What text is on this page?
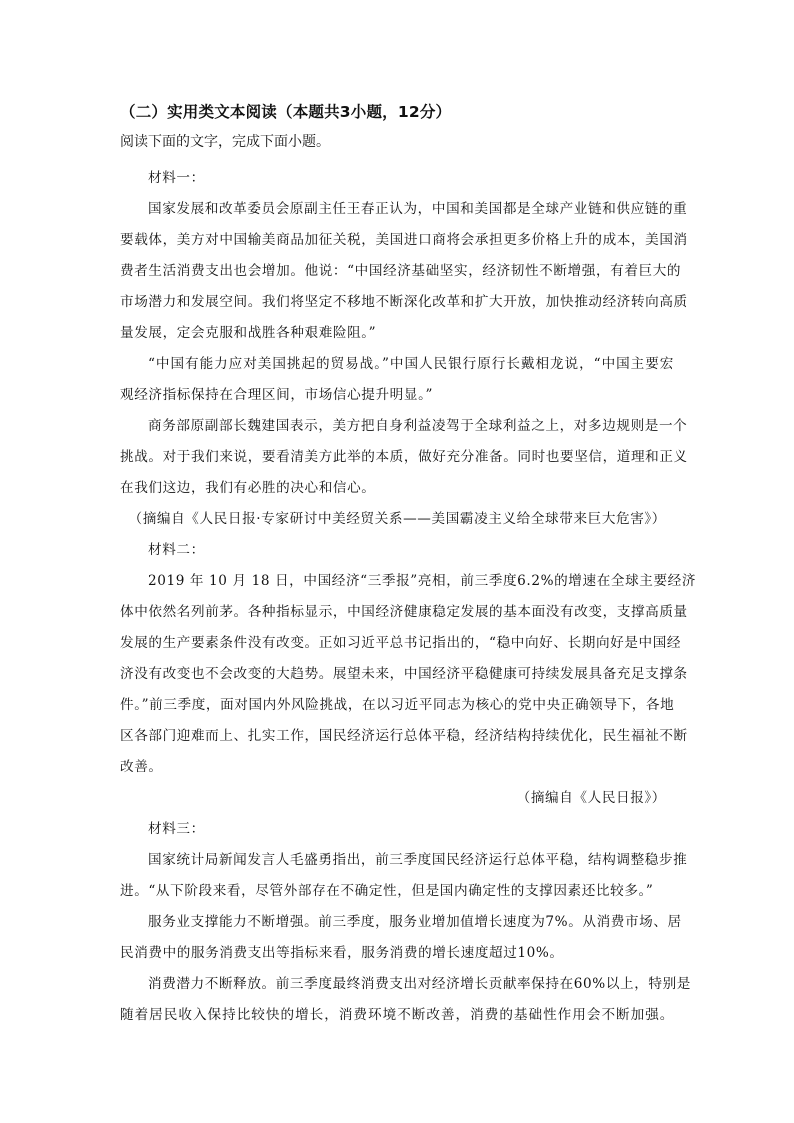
（二）实用类文本阅读（本题共3小题，12分）
阅读下面的文字，完成下面小题。
材料一：
国家发展和改革委员会原副主任王春正认为，中国和美国都是全球产业链和供应链的重
要载体，美方对中国输美商品加征关税，美国进口商将会承担更多价格上升的成本，美国消
费者生活消费支出也会增加。他说：“中国经济基础坚实，经济韧性不断增强，有着巨大的
市场潜力和发展空间。我们将坚定不移地不断深化改革和扩大开放，加快推动经济转向高质
量发展，定会克服和战胜各种艰难险阻。”
“中国有能力应对美国挑起的贸易战。”中国人民银行原行长戴相龙说，“中国主要宏
观经济指标保持在合理区间，市场信心提升明显。”
商务部原副部长魏建国表示，美方把自身利益凌驾于全球利益之上，对多边规则是一个
挑战。对于我们来说，要看清美方此举的本质，做好充分准备。同时也要坚信，道理和正义
在我们这边，我们有必胜的决心和信心。
（摘编自《人民日报·专家研讨中美经贸关系——美国霸凌主义给全球带来巨大危害》）
材料二：
2019 年 10 月 18 日，中国经济“三季报”亮相，前三季度6.2%的增速在全球主要经济
体中依然名列前茅。各种指标显示，中国经济健康稳定发展的基本面没有改变，支撑高质量
发展的生产要素条件没有改变。正如习近平总书记指出的，“稳中向好、长期向好是中国经
济没有改变也不会改变的大趋势。展望未来，中国经济平稳健康可持续发展具备充足支撑条
件。”前三季度，面对国内外风险挑战，在以习近平同志为核心的党中央正确领导下，各地
区各部门迎难而上、扎实工作，国民经济运行总体平稳，经济结构持续优化，民生福祉不断
改善。
（摘编自《人民日报》）
材料三：
国家统计局新闻发言人毛盛勇指出，前三季度国民经济运行总体平稳，结构调整稳步推
进。“从下阶段来看，尽管外部存在不确定性，但是国内确定性的支撑因素还比较多。”
服务业支撑能力不断增强。前三季度，服务业增加值增长速度为7%。从消费市场、居
民消费中的服务消费支出等指标来看，服务消费的增长速度超过10%。
消费潜力不断释放。前三季度最终消费支出对经济增长贡献率保持在60%以上，特别是
随着居民收入保持比较快的增长，消费环境不断改善，消费的基础性作用会不断加强。
